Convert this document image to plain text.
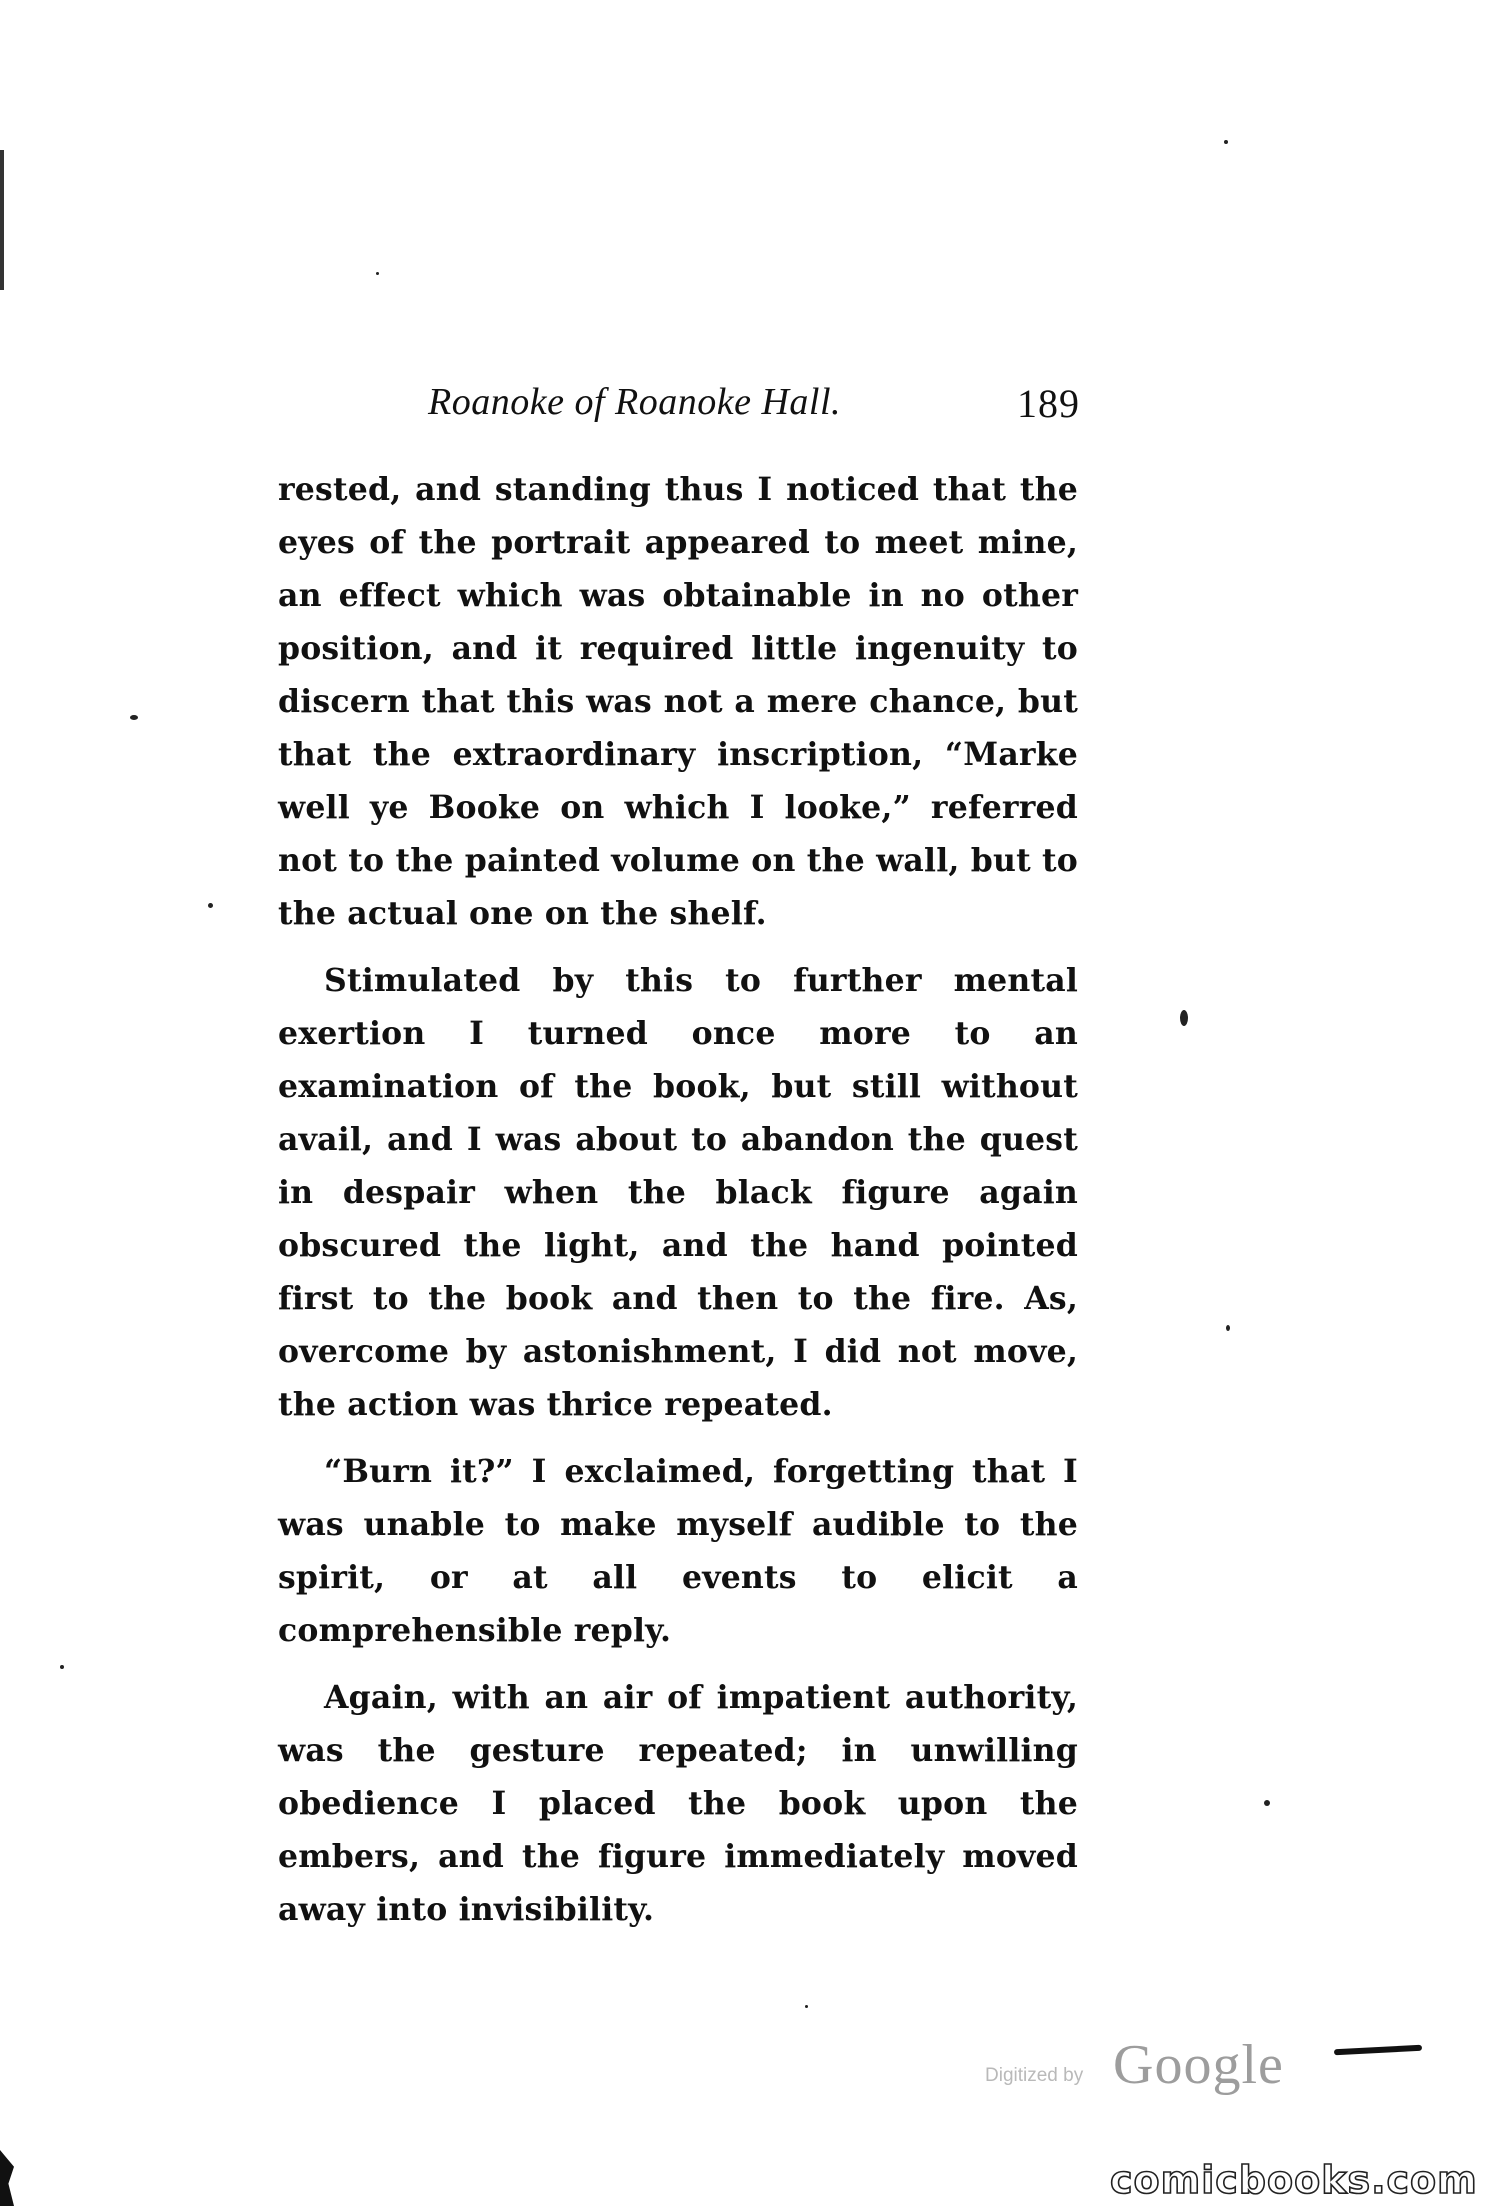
Roanoke of Roanoke Hall.	189

rested, and standing thus I noticed that the eyes of the portrait appeared to meet mine, an effect which was obtainable in no other position, and it required little ingenuity to discern that this was not a mere chance, but that the extraordinary inscription, “Marke well ye Booke on which I looke,” referred not to the painted volume on the wall, but to the actual one on the shelf.

Stimulated by this to further mental exertion I turned once more to an examination of the book, but still without avail, and I was about to abandon the quest in despair when the black figure again obscured the light, and the hand pointed first to the book and then to the fire. As, overcome by astonishment, I did not move, the action was thrice repeated.

“Burn it?” I exclaimed, forgetting that I was unable to make myself audible to the spirit, or at all events to elicit a comprehensible reply.

Again, with an air of impatient authority, was the gesture repeated; in unwilling obedience I placed the book upon the embers, and the figure immediately moved away into invisibility.

Digitized by Google
comicbooks.com
